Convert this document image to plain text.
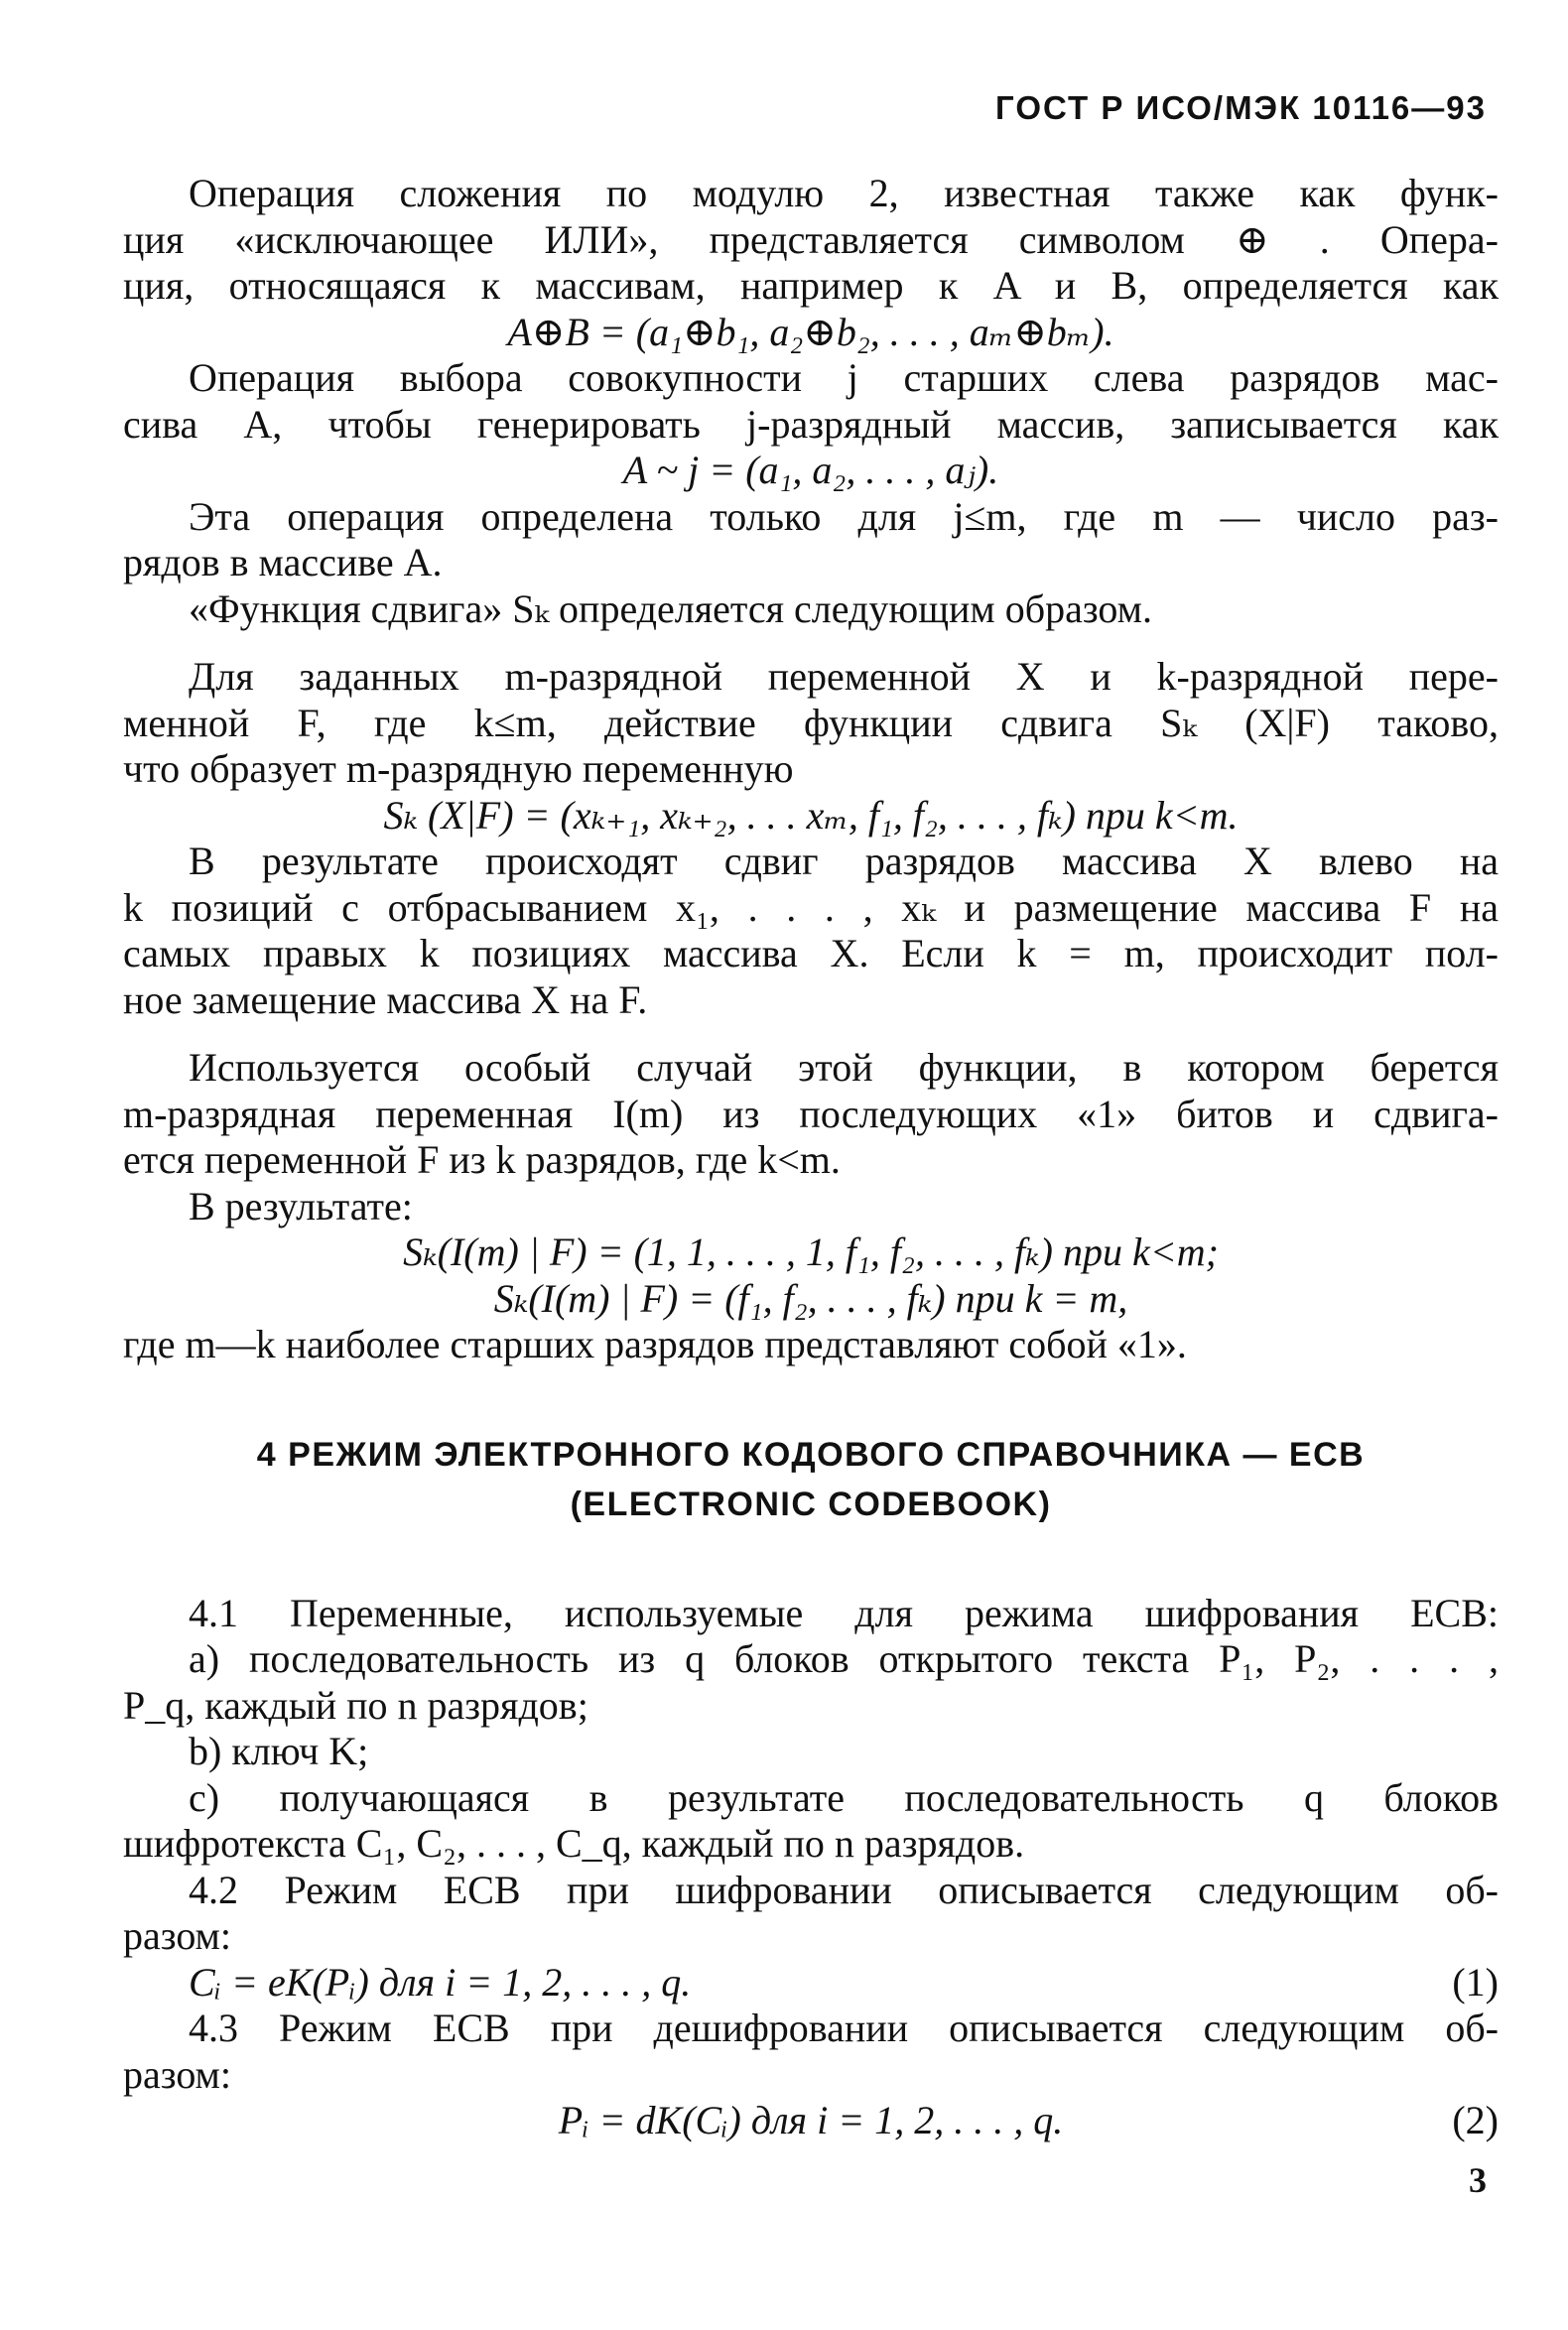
ГОСТ Р ИСО/МЭК 10116—93

Операция сложения по модулю 2, известная также как функ-

ция «исключающее ИЛИ», представляется символом ⊕ . Опера-

ция, относящаяся к массивам, например к A и B, определяется как

A⊕B = (a₁⊕b₁, a₂⊕b₂, . . . , aₘ⊕bₘ).

Операция выбора совокупности j старших слева разрядов мас-

сива A, чтобы генерировать j-разрядный массив, записывается как

A ~ j = (a₁, a₂, . . . , aⱼ).

Эта операция определена только для j≤m, где m — число раз-

рядов в массиве A.

«Функция сдвига» Sₖ определяется следующим образом.

Для заданных m-разрядной переменной X и k-разрядной пере-

менной F, где k≤m, действие функции сдвига Sₖ (X|F) таково,

что образует m-разрядную переменную

Sₖ (X|F) = (xₖ₊₁, xₖ₊₂, . . . xₘ, f₁, f₂, . . . , fₖ) при k<m.

В результате происходят сдвиг разрядов массива X влево на

k позиций с отбрасыванием x₁, . . . , xₖ и размещение массива F на

самых правых k позициях массива X. Если k = m, происходит пол-

ное замещение массива X на F.

Используется особый случай этой функции, в котором берется

m-разрядная переменная I(m) из последующих «1» битов и сдвига-

ется переменной F из k разрядов, где k<m.

В результате:

Sₖ(I(m) | F) = (1, 1, . . . , 1, f₁, f₂, . . . , fₖ) при k<m;

Sₖ(I(m) | F) = (f₁, f₂, . . . , fₖ) при k = m,

где m—k наиболее старших разрядов представляют собой «1».

4 РЕЖИМ ЭЛЕКТРОННОГО КОДОВОГО СПРАВОЧНИКА — ЕСВ

(ELECTRONIC CODEBOOK)

4.1 Переменные, используемые для режима шифрования ЕСВ:

a) последовательность из q блоков открытого текста P₁, P₂, . . . ,

P_q, каждый по n разрядов;

b) ключ K;

c) получающаяся в результате последовательность q блоков

шифротекста C₁, C₂, . . . , C_q, каждый по n разрядов.

4.2 Режим ЕСВ при шифровании описывается следующим об-

разом:

Cᵢ = eK(Pᵢ) для i = 1, 2, . . . , q.	(1)

4.3 Режим ЕСВ при дешифровании описывается следующим об-

разом:

Pᵢ = dK(Cᵢ) для i = 1, 2, . . . , q.	(2)
3
